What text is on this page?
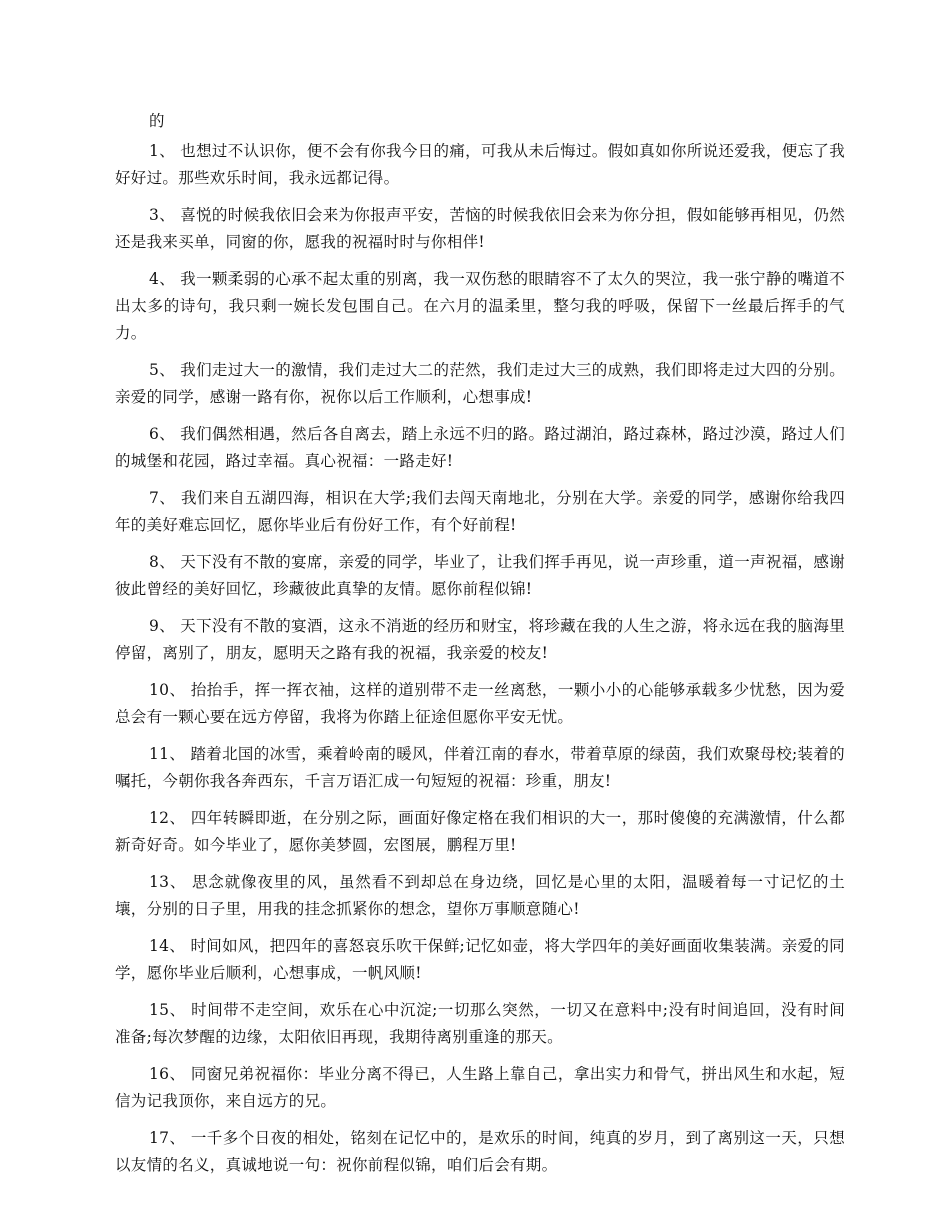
的

1、 也想过不认识你，便不会有你我今日的痛，可我从未后悔过。假如真如你所说还爱我，便忘了我好好过。那些欢乐时间，我永远都记得。

3、 喜悦的时候我依旧会来为你报声平安，苦恼的时候我依旧会来为你分担，假如能够再相见，仍然还是我来买单，同窗的你，愿我的祝福时时与你相伴!

4、 我一颗柔弱的心承不起太重的别离，我一双伤愁的眼睛容不了太久的哭泣，我一张宁静的嘴道不出太多的诗句，我只剩一婉长发包围自己。在六月的温柔里，整匀我的呼吸，保留下一丝最后挥手的气力。

5、 我们走过大一的激情，我们走过大二的茫然，我们走过大三的成熟，我们即将走过大四的分别。亲爱的同学，感谢一路有你，祝你以后工作顺利，心想事成!

6、 我们偶然相遇，然后各自离去，踏上永远不归的路。路过湖泊，路过森林，路过沙漠，路过人们的城堡和花园，路过幸福。真心祝福：一路走好!

7、 我们来自五湖四海，相识在大学;我们去闯天南地北，分别在大学。亲爱的同学，感谢你给我四年的美好难忘回忆，愿你毕业后有份好工作，有个好前程!

8、 天下没有不散的宴席，亲爱的同学，毕业了，让我们挥手再见，说一声珍重，道一声祝福，感谢彼此曾经的美好回忆，珍藏彼此真挚的友情。愿你前程似锦!

9、 天下没有不散的宴酒，这永不消逝的经历和财宝，将珍藏在我的人生之游，将永远在我的脑海里停留，离别了，朋友，愿明天之路有我的祝福，我亲爱的校友!

10、 抬抬手，挥一挥衣袖，这样的道别带不走一丝离愁，一颗小小的心能够承载多少忧愁，因为爱总会有一颗心要在远方停留，我将为你踏上征途但愿你平安无忧。

11、 踏着北国的冰雪，乘着岭南的暖风，伴着江南的春水，带着草原的绿茵，我们欢聚母校;装着的嘱托，今朝你我各奔西东，千言万语汇成一句短短的祝福：珍重，朋友!

12、 四年转瞬即逝，在分别之际，画面好像定格在我们相识的大一，那时傻傻的充满激情，什么都新奇好奇。如今毕业了，愿你美梦圆，宏图展，鹏程万里!

13、 思念就像夜里的风，虽然看不到却总在身边绕，回忆是心里的太阳，温暖着每一寸记忆的土壤，分别的日子里，用我的挂念抓紧你的想念，望你万事顺意随心!

14、 时间如风，把四年的喜怒哀乐吹干保鲜;记忆如壶，将大学四年的美好画面收集装满。亲爱的同学，愿你毕业后顺利，心想事成，一帆风顺!

15、 时间带不走空间，欢乐在心中沉淀;一切那么突然，一切又在意料中;没有时间追回，没有时间准备;每次梦醒的边缘，太阳依旧再现，我期待离别重逢的那天。

16、 同窗兄弟祝福你：毕业分离不得已，人生路上靠自己，拿出实力和骨气，拼出风生和水起，短信为记我顶你，来自远方的兄。

17、 一千多个日夜的相处，铭刻在记忆中的，是欢乐的时间，纯真的岁月，到了离别这一天，只想以友情的名义，真诚地说一句：祝你前程似锦，咱们后会有期。
